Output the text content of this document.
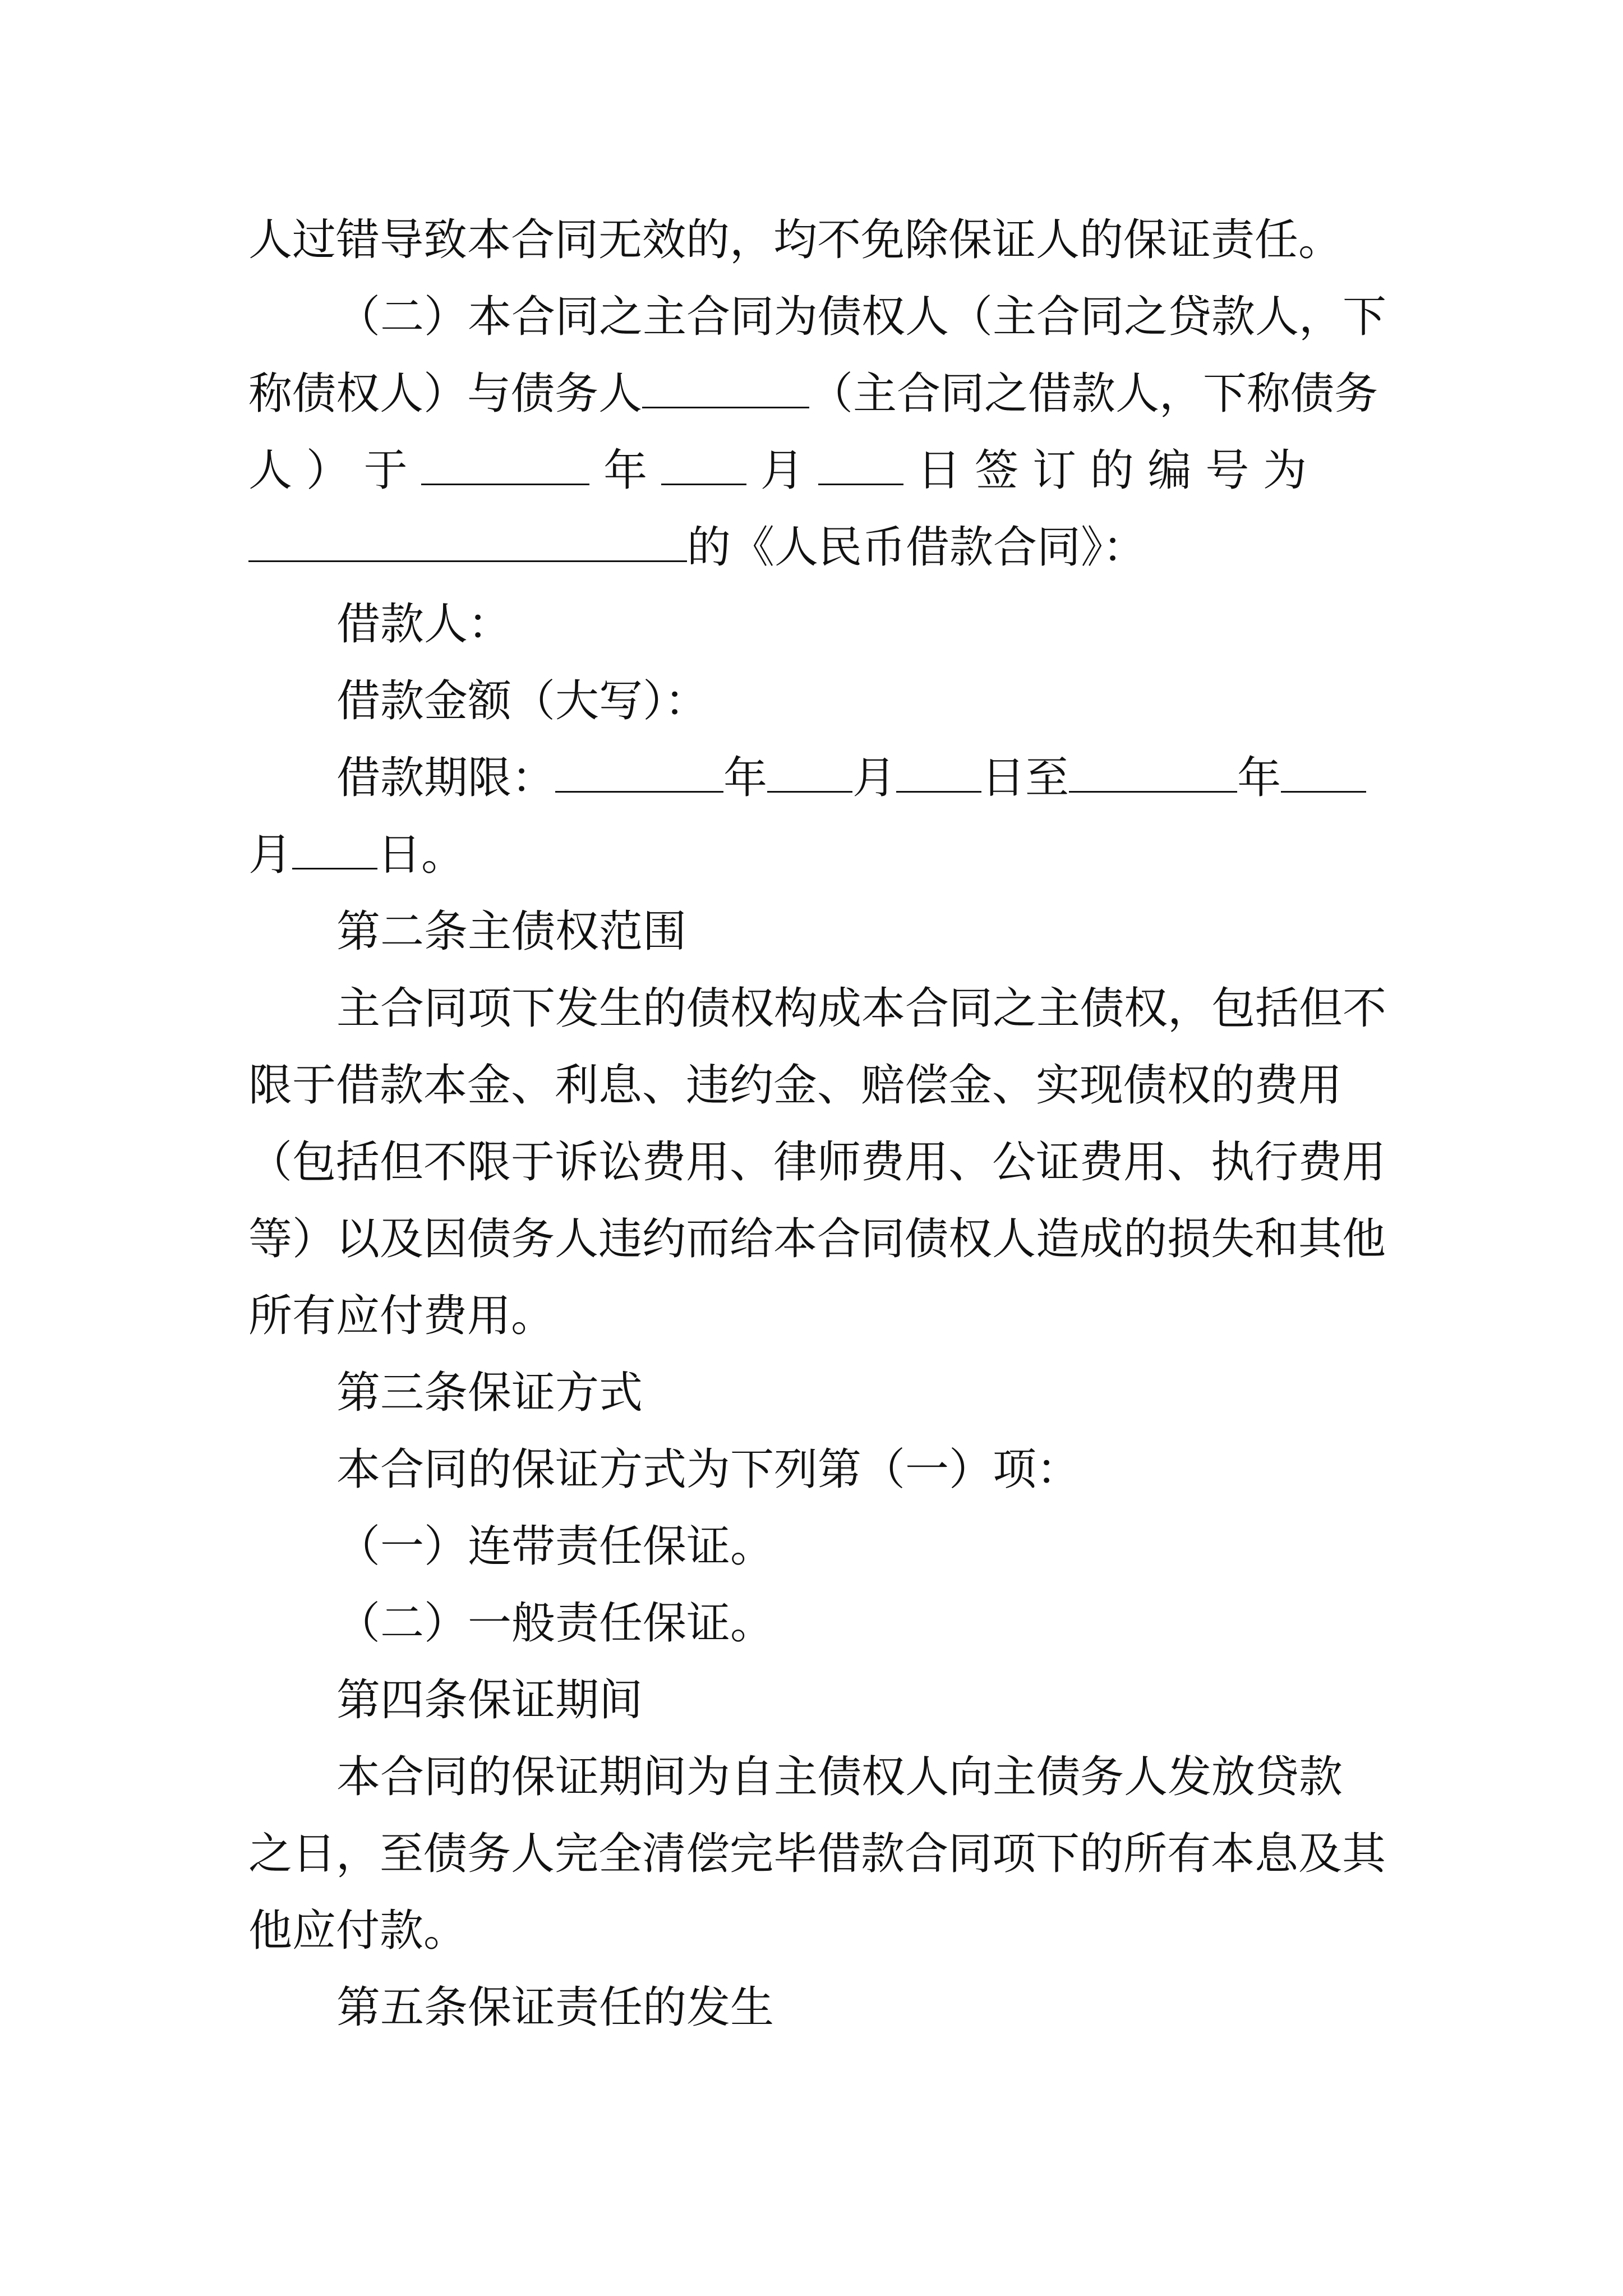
人过错导致本合同无效的，均不免除保证人的保证责任。
（二）本合同之主合同为债权人（主合同之贷款人，下
称债权人）与债务人	（主合同之借款人，下称债务
人 ） 于	年  月  日 签 订 的 编 号 为
的《人民币借款合同》：
借款人：
借款金额（大写）：
借款期限：	年 月 日至	年
月 日。
第二条主债权范围
主合同项下发生的债权构成本合同之主债权，包括但不
限于借款本金、利息、违约金、赔偿金、实现债权的费用
（包括但不限于诉讼费用、律师费用、公证费用、执行费用
等）以及因债务人违约而给本合同债权人造成的损失和其他
所有应付费用。
第三条保证方式
本合同的保证方式为下列第（一）项：
（一）连带责任保证。
（二）一般责任保证。
第四条保证期间
本合同的保证期间为自主债权人向主债务人发放贷款
之日，至债务人完全清偿完毕借款合同项下的所有本息及其
他应付款。
第五条保证责任的发生
